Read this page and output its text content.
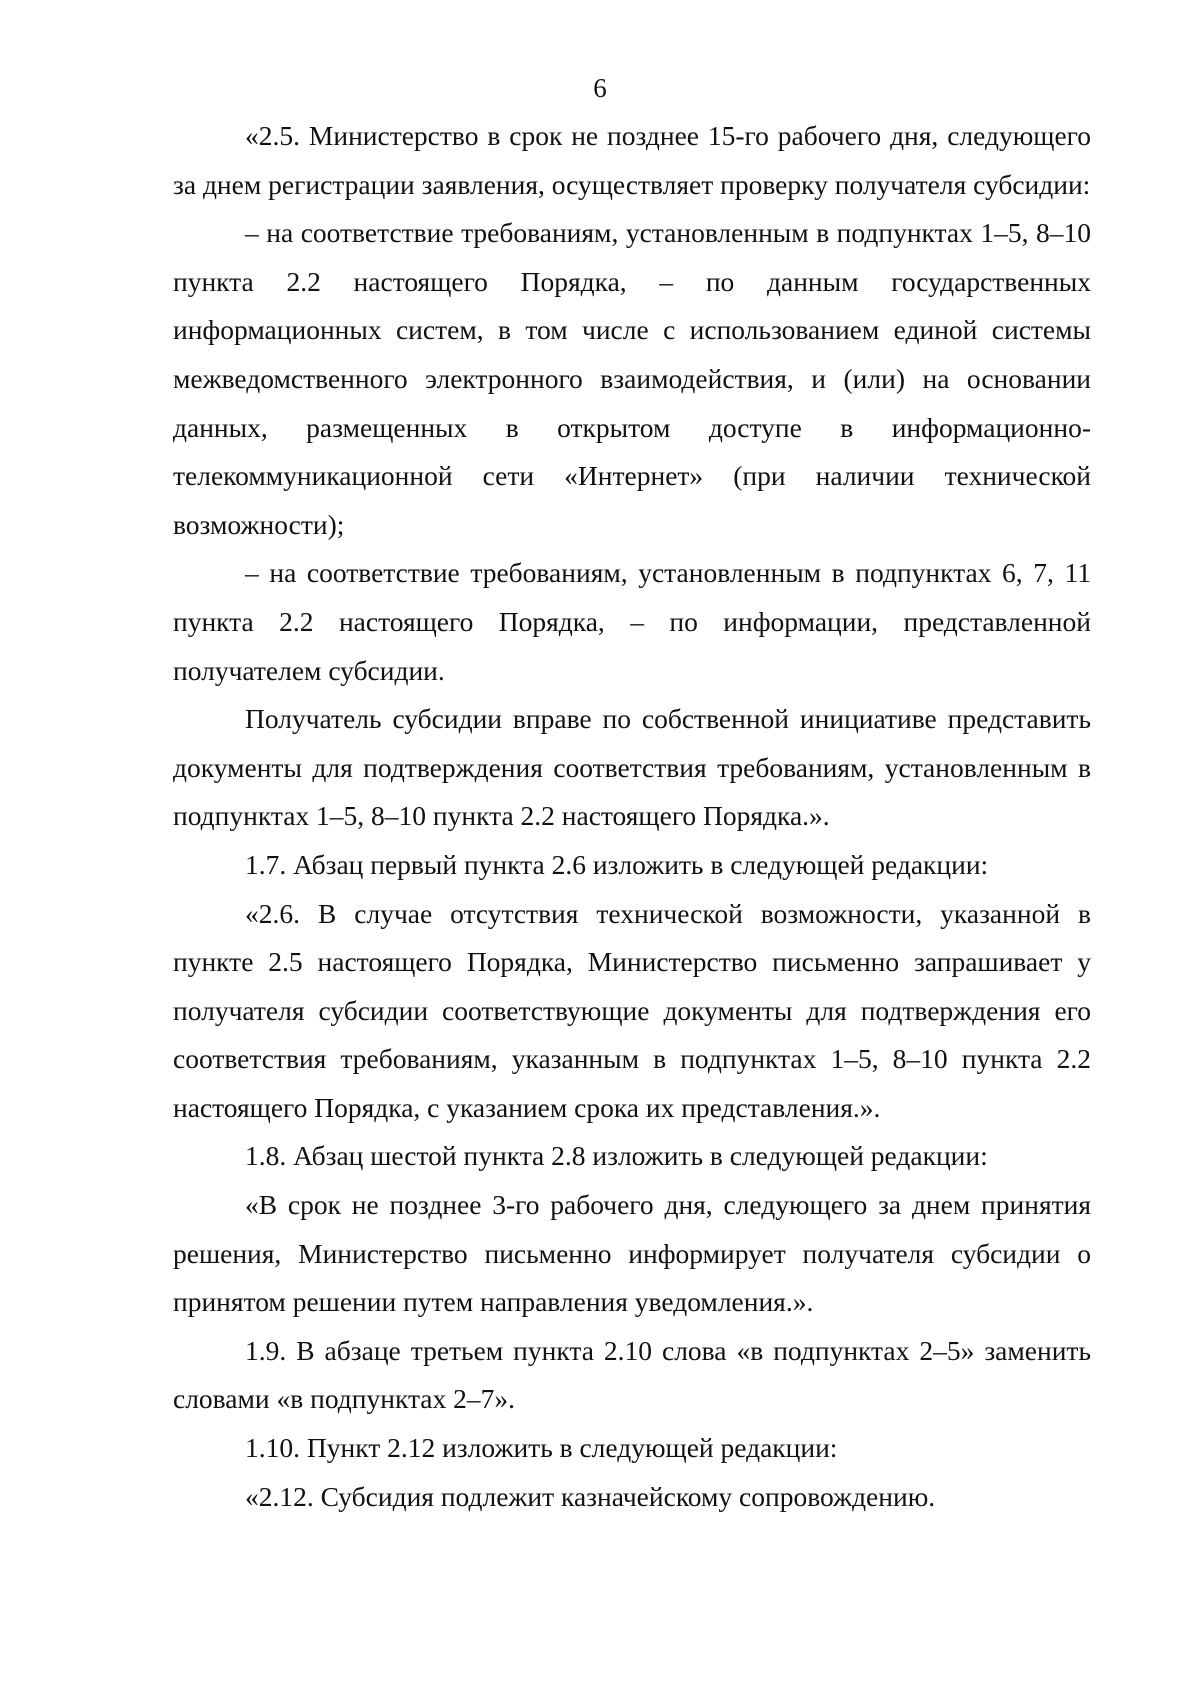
6

«2.5. Министерство в срок не позднее 15-го рабочего дня, следующего за днем регистрации заявления, осуществляет проверку получателя субсидии:

– на соответствие требованиям, установленным в подпунктах 1–5, 8–10 пункта 2.2 настоящего Порядка, – по данным государственных информационных систем, в том числе с использованием единой системы межведомственного электронного взаимодействия, и (или) на основании данных, размещенных в открытом доступе в информационно-телекоммуникационной сети «Интернет» (при наличии технической возможности);

– на соответствие требованиям, установленным в подпунктах 6, 7, 11 пункта 2.2 настоящего Порядка, – по информации, представленной получателем субсидии.

Получатель субсидии вправе по собственной инициативе представить документы для подтверждения соответствия требованиям, установленным в подпунктах 1–5, 8–10 пункта 2.2 настоящего Порядка.».

1.7. Абзац первый пункта 2.6 изложить в следующей редакции:

«2.6. В случае отсутствия технической возможности, указанной в пункте 2.5 настоящего Порядка, Министерство письменно запрашивает у получателя субсидии соответствующие документы для подтверждения его соответствия требованиям, указанным в подпунктах 1–5, 8–10 пункта 2.2 настоящего Порядка, с указанием срока их представления.».

1.8. Абзац шестой пункта 2.8 изложить в следующей редакции:

«В срок не позднее 3-го рабочего дня, следующего за днем принятия решения, Министерство письменно информирует получателя субсидии о принятом решении путем направления уведомления.».

1.9. В абзаце третьем пункта 2.10 слова «в подпунктах 2–5» заменить словами «в подпунктах 2–7».

1.10. Пункт 2.12 изложить в следующей редакции:

«2.12. Субсидия подлежит казначейскому сопровождению.
